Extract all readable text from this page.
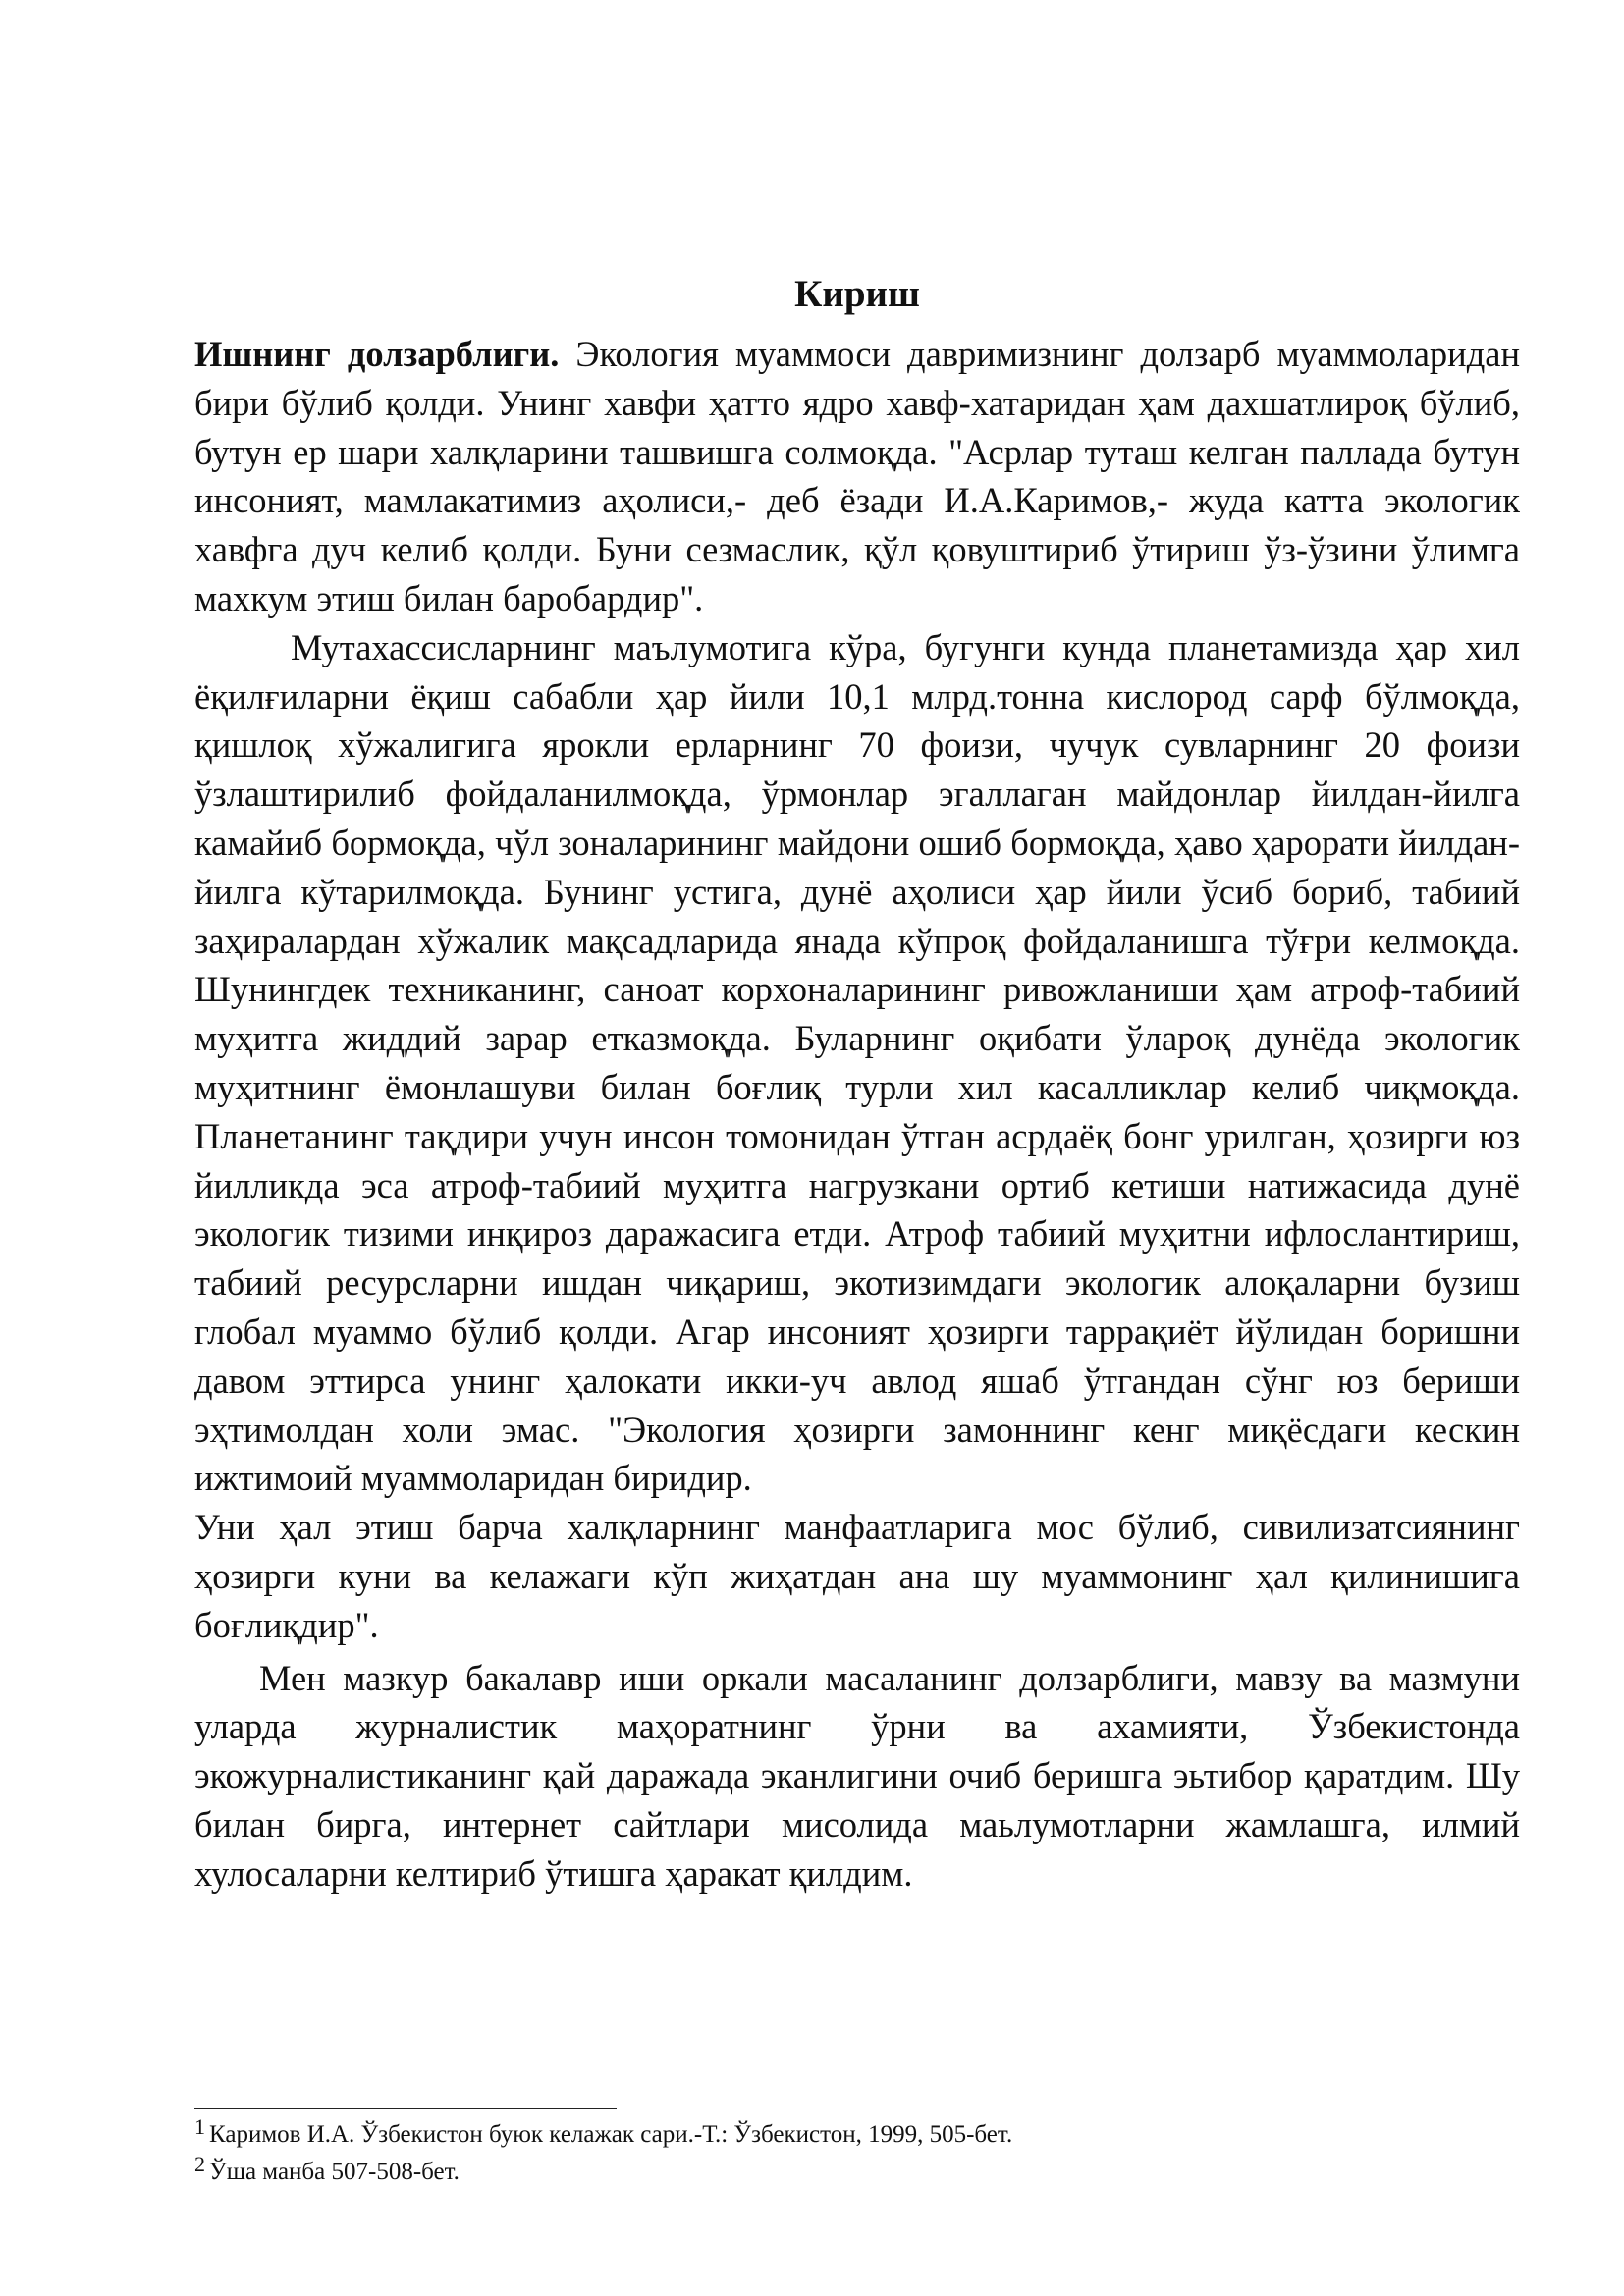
Кириш

Ишнинг долзарблиги. Экология муаммоси давримизнинг долзарб муаммоларидан бири бўлиб қолди. Унинг хавфи ҳатто ядро хавф-хатаридан ҳам дахшатлироқ бўлиб, бутун ер шари халқларини ташвишга солмоқда. "Асрлар туташ келган паллада бутун инсоният, мамлакатимиз аҳолиси,- деб ёзади И.А.Каримов,- жуда катта экологик хавфга дуч келиб қолди. Буни сезмаслик, қўл қовуштириб ўтириш ўз-ўзини ўлимга махкум этиш билан баробардир".

Мутахассисларнинг маълумотига кўра, бугунги кунда планетамизда ҳар хил ёқилғиларни ёқиш сабабли ҳар йили 10,1 млрд.тонна кислород сарф бўлмоқда, қишлоқ хўжалигига ярокли ерларнинг 70 фоизи, чучук сувларнинг 20 фоизи ўзлаштирилиб фойдаланилмоқда, ўрмонлар эгаллаган майдонлар йилдан-йилга камайиб бормоқда, чўл зоналарининг майдони ошиб бормоқда, ҳаво ҳарорати йилдан-йилга кўтарилмоқда. Бунинг устига, дунё аҳолиси ҳар йили ўсиб бориб, табиий заҳиралардан хўжалик мақсадларида янада кўпроқ фойдаланишга тўғри келмоқда. Шунингдек техниканинг, саноат корхоналарининг ривожланиши ҳам атроф-табиий муҳитга жиддий зарар етказмоқда. Буларнинг оқибати ўлароқ дунёда экологик муҳитнинг ёмонлашуви билан боғлиқ турли хил касалликлар келиб чиқмоқда. Планетанинг тақдири учун инсон томонидан ўтган асрдаёқ бонг урилган, ҳозирги юз йилликда эса атроф-табиий муҳитга нагрузкани ортиб кетиши натижасида дунё экологик тизими инқироз даражасига етди. Атроф табиий муҳитни ифлослантириш, табиий ресурсларни ишдан чиқариш, экотизимдаги экологик алоқаларни бузиш глобал муаммо бўлиб қолди. Агар инсоният ҳозирги таррақиёт йўлидан боришни давом эттирса унинг ҳалокати икки-уч авлод яшаб ўтгандан сўнг юз бериши эҳтимолдан холи эмас. "Экология ҳозирги замоннинг кенг миқёсдаги кескин ижтимоий муаммоларидан биридир.

Уни ҳал этиш барча халқларнинг манфаатларига мос бўлиб, сивилизатсиянинг ҳозирги куни ва келажаги кўп жиҳатдан ана шу муаммонинг ҳал қилинишига боғлиқдир".

Мен мазкур бакалавр иши оркали масаланинг долзарблиги, мавзу ва мазмуни уларда журналистик маҳоратнинг ўрни ва ахамияти, Ўзбекистонда экожурналистиканинг қай даражада эканлигини очиб беришга эьтибор қаратдим. Шу билан бирга, интернет сайтлари мисолида маьлумотларни жамлашга, илмий хулосаларни келтириб ўтишга ҳаракат қилдим.

$^1$ Каримов И.А. Ўзбекистон буюк келажак сари.-Т.: Ўзбекистон, 1999, 505-бет.
$^2$ Ўша манба 507-508-бет.
